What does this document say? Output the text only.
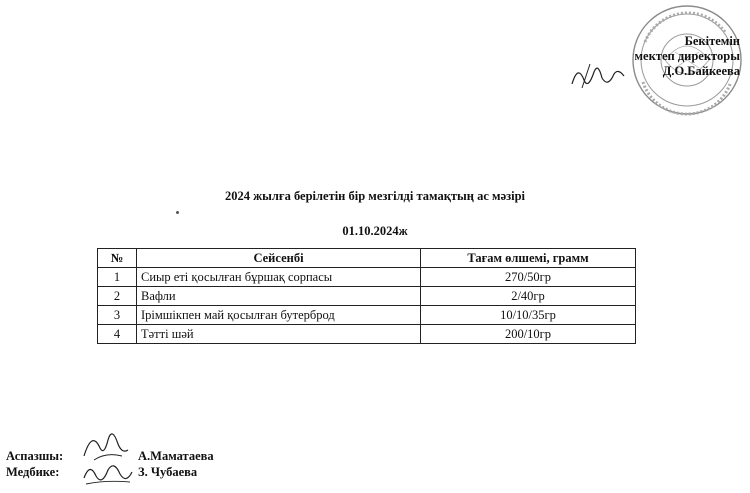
Бекітемін
мектеп директоры
Д.О.Байкеева
2024 жылға берілетін бір мезгілді тамақтың ас мәзірі
01.10.2024ж
№	Сейсенбі	Тағам өлшемі, грамм
1	Сиыр еті қосылған бұршақ сорпасы	270/50гр
2	Вафли	2/40гр
3	Ірімшікпен май қосылған бутерброд	10/10/35гр
4	Тәтті шәй	200/10гр
Аспазшы:	А.Маматаева
Медбике:	З. Чубаева
